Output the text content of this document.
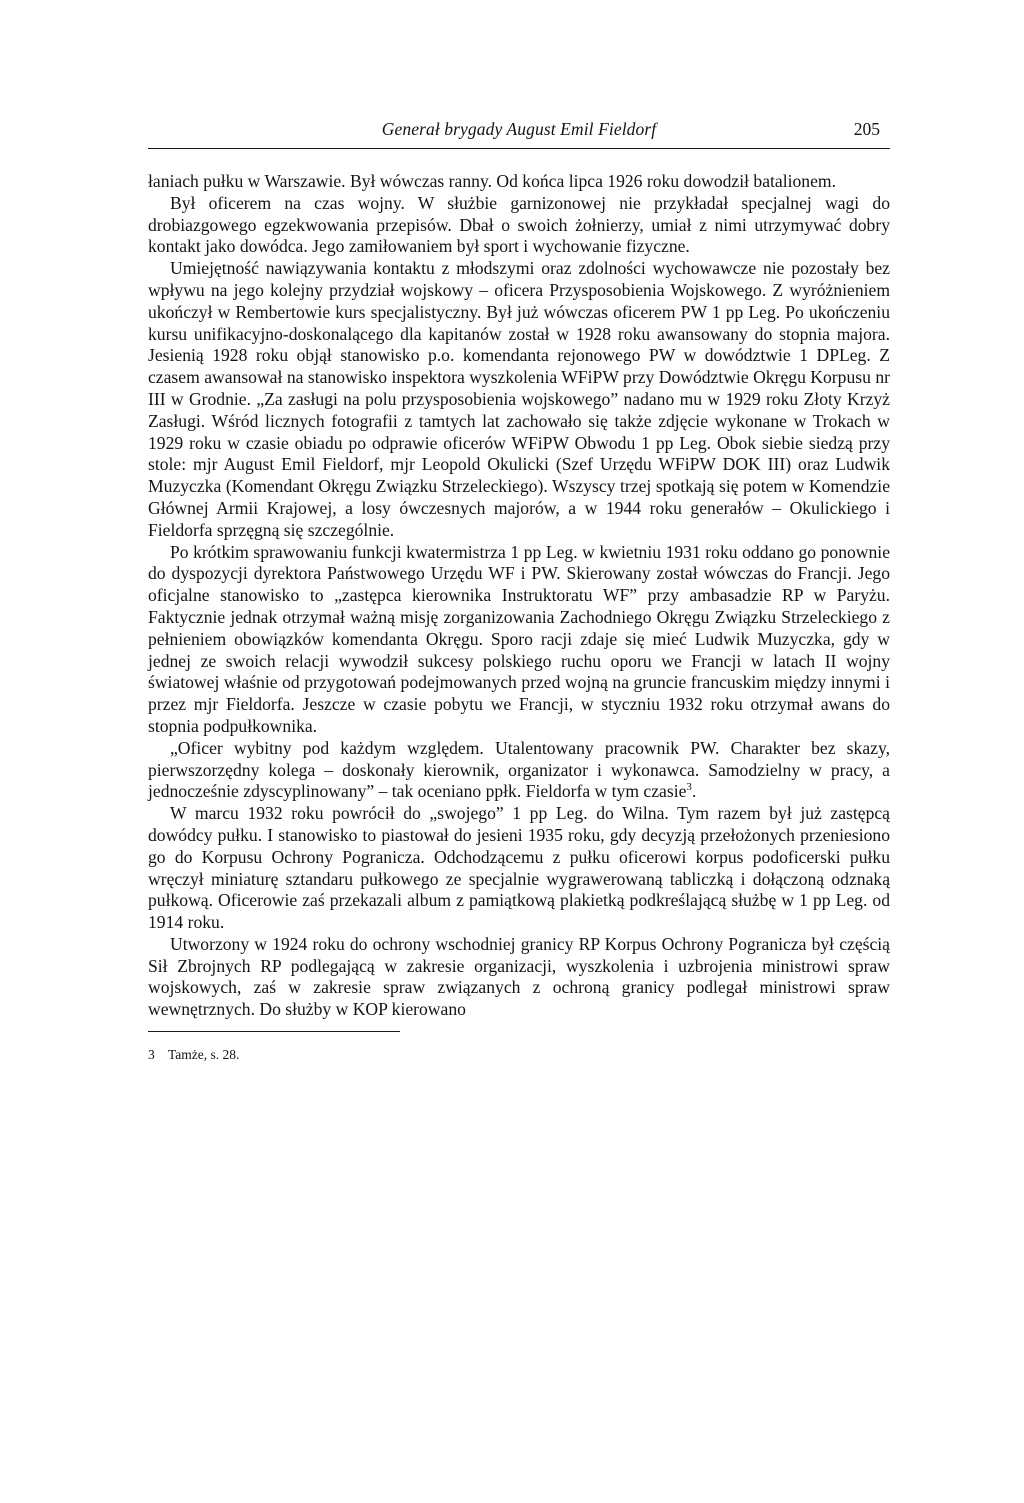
Generał brygady August Emil Fieldorf	205

łaniach pułku w Warszawie. Był wówczas ranny. Od końca lipca 1926 roku dowodził batalionem.

Był oficerem na czas wojny. W służbie garnizonowej nie przykładał specjalnej wagi do drobiazgowego egzekwowania przepisów. Dbał o swoich żołnierzy, umiał z nimi utrzymywać dobry kontakt jako dowódca. Jego zamiłowaniem był sport i wychowanie fizyczne.

Umiejętność nawiązywania kontaktu z młodszymi oraz zdolności wychowawcze nie pozostały bez wpływu na jego kolejny przydział wojskowy – oficera Przysposobienia Wojskowego. Z wyróżnieniem ukończył w Rembertowie kurs specjalistyczny. Był już wówczas oficerem PW 1 pp Leg. Po ukończeniu kursu unifikacyjno-doskonalącego dla kapitanów został w 1928 roku awansowany do stopnia majora. Jesienią 1928 roku objął stanowisko p.o. komendanta rejonowego PW w dowództwie 1 DPLeg. Z czasem awansował na stanowisko inspektora wyszkolenia WFiPW przy Dowództwie Okręgu Korpusu nr III w Grodnie. „Za zasługi na polu przysposobienia wojskowego” nadano mu w 1929 roku Złoty Krzyż Zasługi. Wśród licznych fotografii z tamtych lat zachowało się także zdjęcie wykonane w Trokach w 1929 roku w czasie obiadu po odprawie oficerów WFiPW Obwodu 1 pp Leg. Obok siebie siedzą przy stole: mjr August Emil Fieldorf, mjr Leopold Okulicki (Szef Urzędu WFiPW DOK III) oraz Ludwik Muzyczka (Komendant Okręgu Związku Strzeleckiego). Wszyscy trzej spotkają się potem w Komendzie Głównej Armii Krajowej, a losy ówczesnych majorów, a w 1944 roku generałów – Okulickiego i Fieldorfa sprzęgną się szczególnie.

Po krótkim sprawowaniu funkcji kwatermistrza 1 pp Leg. w kwietniu 1931 roku oddano go ponownie do dyspozycji dyrektora Państwowego Urzędu WF i PW. Skierowany został wówczas do Francji. Jego oficjalne stanowisko to „zastępca kierownika Instruktoratu WF” przy ambasadzie RP w Paryżu. Faktycznie jednak otrzymał ważną misję zorganizowania Zachodniego Okręgu Związku Strzeleckiego z pełnieniem obowiązków komendanta Okręgu. Sporo racji zdaje się mieć Ludwik Muzyczka, gdy w jednej ze swoich relacji wywodził sukcesy polskiego ruchu oporu we Francji w latach II wojny światowej właśnie od przygotowań podejmowanych przed wojną na gruncie francuskim między innymi i przez mjr Fieldorfa. Jeszcze w czasie pobytu we Francji, w styczniu 1932 roku otrzymał awans do stopnia podpułkownika.

„Oficer wybitny pod każdym względem. Utalentowany pracownik PW. Charakter bez skazy, pierwszorzędny kolega – doskonały kierownik, organizator i wykonawca. Samodzielny w pracy, a jednocześnie zdyscyplinowany” – tak oceniano ppłk. Fieldorfa w tym czasie$^3$.

W marcu 1932 roku powrócił do „swojego” 1 pp Leg. do Wilna. Tym razem był już zastępcą dowódcy pułku. I stanowisko to piastował do jesieni 1935 roku, gdy decyzją przełożonych przeniesiono go do Korpusu Ochrony Pogranicza. Odchodzącemu z pułku oficerowi korpus podoficerski pułku wręczył miniaturę sztandaru pułkowego ze specjalnie wygrawerowaną tabliczką i dołączoną odznaką pułkową. Oficerowie zaś przekazali album z pamiątkową plakietką podkreślającą służbę w 1 pp Leg. od 1914 roku.

Utworzony w 1924 roku do ochrony wschodniej granicy RP Korpus Ochrony Pogranicza był częścią Sił Zbrojnych RP podlegającą w zakresie organizacji, wyszkolenia i uzbrojenia ministrowi spraw wojskowych, zaś w zakresie spraw związanych z ochroną granicy podlegał ministrowi spraw wewnętrznych. Do służby w KOP kierowano

3 Tamże, s. 28.
